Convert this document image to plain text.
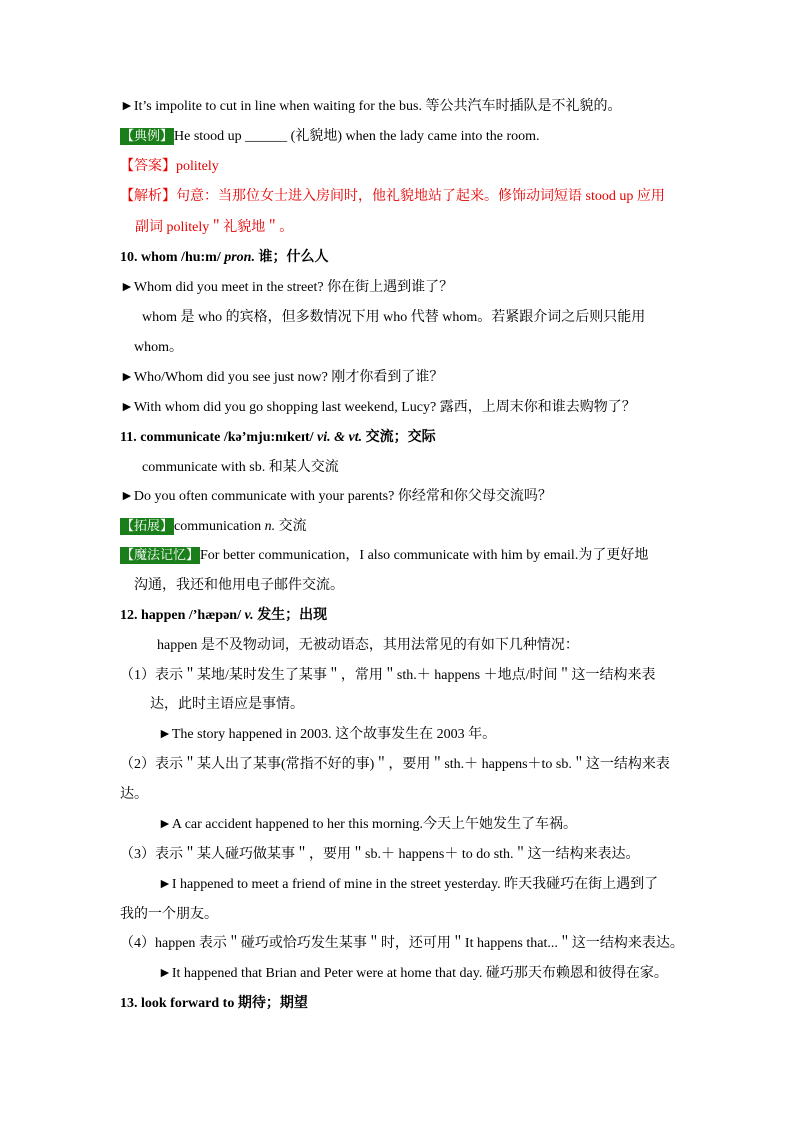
►It’s impolite to cut in line when waiting for the bus. 等公共汽车时插队是不礼貌的。
【典例】He stood up ______ (礼貌地) when the lady came into the room.
【答案】politely
【解析】句意：当那位女士进入房间时，他礼貌地站了起来。修饰动词短语 stood up 应用
副词 politely＂礼貌地＂。
10. whom /hu:m/ pron. 谁；什么人
►Whom did you meet in the street? 你在街上遇到谁了？
whom 是 who 的宾格，但多数情况下用 who 代替 whom。若紧跟介词之后则只能用
whom。
►Who/Whom did you see just now? 刚才你看到了谁？
►With whom did you go shopping last weekend, Lucy? 露西，上周末你和谁去购物了？
11. communicate /kə’mju:nɪkeɪt/ vi. & vt. 交流；交际
communicate with sb. 和某人交流
►Do you often communicate with your parents? 你经常和你父母交流吗？
【拓展】communication n. 交流
【魔法记忆】For better communication，I also communicate with him by email.为了更好地
沟通，我还和他用电子邮件交流。
12. happen /’hæpən/ v. 发生；出现
happen 是不及物动词，无被动语态，其用法常见的有如下几种情况：
（1）表示＂某地/某时发生了某事＂，常用＂sth.＋ happens ＋地点/时间＂这一结构来表
达，此时主语应是事情。
►The story happened in 2003. 这个故事发生在 2003 年。
（2）表示＂某人出了某事(常指不好的事)＂，要用＂sth.＋ happens＋to sb.＂这一结构来表
达。
►A car accident happened to her this morning.今天上午她发生了车祸。
（3）表示＂某人碰巧做某事＂，要用＂sb.＋ happens＋ to do sth.＂这一结构来表达。
►I happened to meet a friend of mine in the street yesterday. 昨天我碰巧在街上遇到了
我的一个朋友。
（4）happen 表示＂碰巧或恰巧发生某事＂时，还可用＂It happens that...＂这一结构来表达。
►It happened that Brian and Peter were at home that day. 碰巧那天布赖恩和彼得在家。
13. look forward to 期待；期望
